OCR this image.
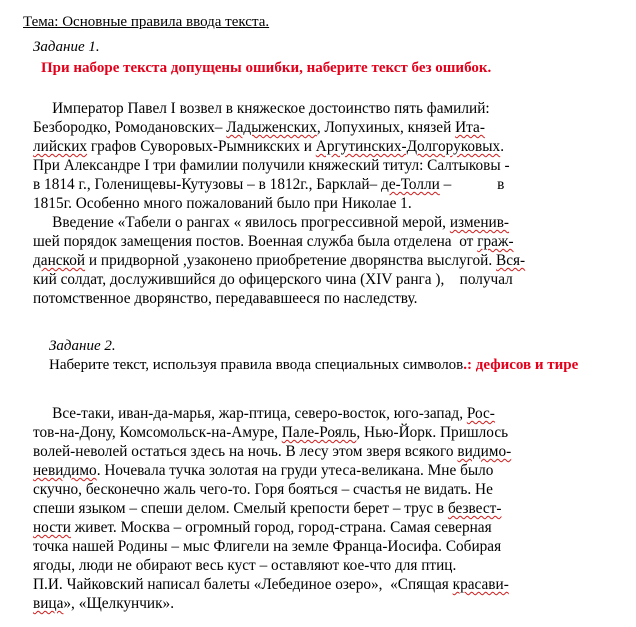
Тема: Основные правила ввода текста.
Задание 1.
При наборе текста допущены ошибки, наберите текст без ошибок.
Император Павел I возвел в княжеское достоинство пять фамилий:
Безбородко, Ромодановских– Ладыженских, Лопухиных, князей Ита-
лийских графов Суворовых-Рымникских и Аргутинских-Долгоруковых.
При Александре I три фамилии получили княжеский титул: Салтыковы -
в 1814 г., Голенищевы-Кутузовы – в 1812г., Барклай– де-Толли –            в
1815г. Особенно много пожалований было при Николае 1.
Введение «Табели о рангах « явилось прогрессивной мерой, изменив-
шей порядок замещения постов. Военная служба была отделена  от граж-
данской и придворной ,узаконено приобретение дворянства выслугой. Вся-
кий солдат, дослужившийся до офицерского чина (XIV ранга ),    получал
потомственное дворянство, передававшееся по наследству.
Задание 2.
Наберите текст, используя правила ввода специальных символов.: дефисов и тире
Все-таки, иван-да-марья, жар-птица, северо-восток, юго-запад, Рос-
тов-на-Дону, Комсомольск-на-Амуре, Пале-Рояль, Нью-Йорк. Пришлось
волей-неволей остаться здесь на ночь. В лесу этом зверя всякого видимо-
невидимо. Ночевала тучка золотая на груди утеса-великана. Мне было
скучно, бесконечно жаль чего-то. Горя бояться – счастья не видать. Не
спеши языком – спеши делом. Смелый крепости берет – трус в безвест-
ности живет. Москва – огромный город, город-страна. Самая северная
точка нашей Родины – мыс Флигели на земле Франца-Иосифа. Собирая
ягоды, люди не обирают весь куст – оставляют кое-что для птиц.
П.И. Чайковский написал балеты «Лебединое озеро»,  «Спящая красави-
вица», «Щелкунчик».
